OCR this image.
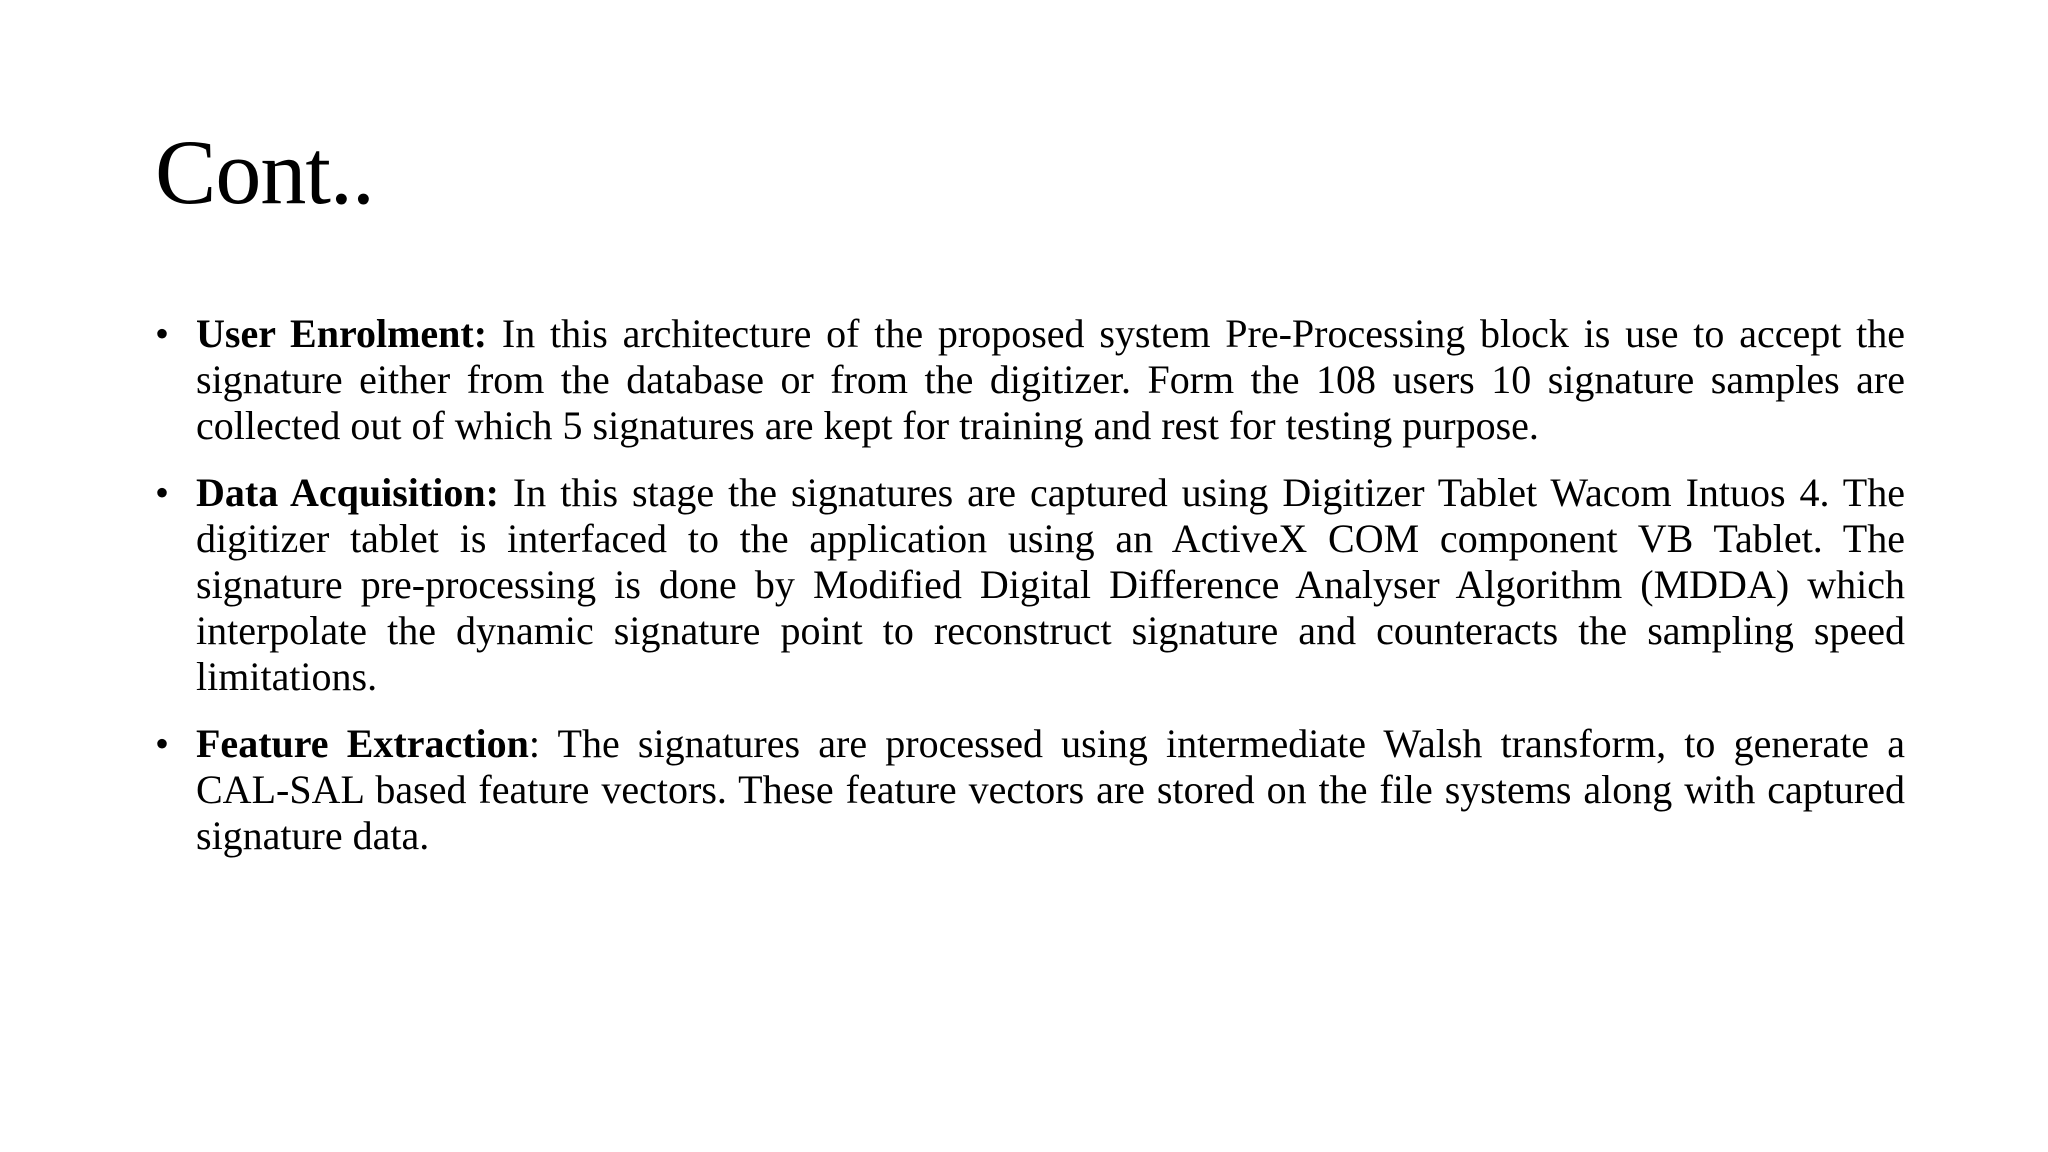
Cont..
• User Enrolment: In this architecture of the proposed system Pre-Processing block is use to accept the signature either from the database or from the digitizer. Form the 108 users 10 signature samples are collected out of which 5 signatures are kept for training and rest for testing purpose.
• Data Acquisition: In this stage the signatures are captured using Digitizer Tablet Wacom Intuos 4. The digitizer tablet is interfaced to the application using an ActiveX COM component VB Tablet. The signature pre-processing is done by Modified Digital Difference Analyser Algorithm (MDDA) which interpolate the dynamic signature point to reconstruct signature and counteracts the sampling speed limitations.
• Feature Extraction: The signatures are processed using intermediate Walsh transform, to generate a CAL-SAL based feature vectors. These feature vectors are stored on the file systems along with captured signature data.
